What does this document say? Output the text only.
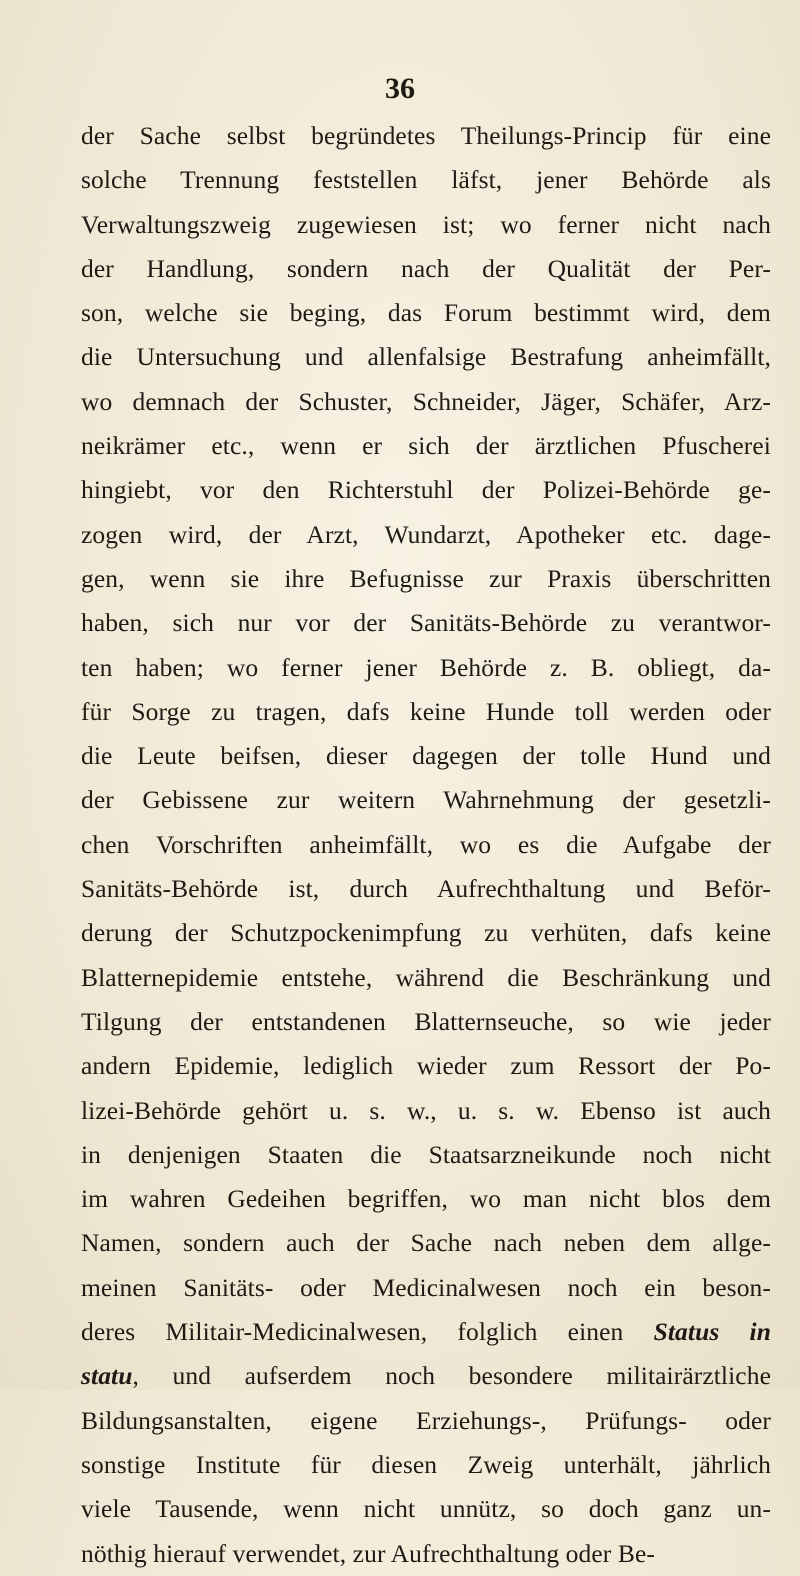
36
der Sache selbst begründetes Theilungs-Princip für eine
solche Trennung feststellen läfst, jener Behörde als
Verwaltungszweig zugewiesen ist; wo ferner nicht nach
der Handlung, sondern nach der Qualität der Per-
son, welche sie beging, das Forum bestimmt wird, dem
die Untersuchung und allenfalsige Bestrafung anheimfällt,
wo demnach der Schuster, Schneider, Jäger, Schäfer, Arz-
neikrämer etc., wenn er sich der ärztlichen Pfuscherei
hingiebt, vor den Richterstuhl der Polizei-Behörde ge-
zogen wird, der Arzt, Wundarzt, Apotheker etc. dage-
gen, wenn sie ihre Befugnisse zur Praxis überschritten
haben, sich nur vor der Sanitäts-Behörde zu verantwor-
ten haben; wo ferner jener Behörde z. B. obliegt, da-
für Sorge zu tragen, dafs keine Hunde toll werden oder
die Leute beifsen, dieser dagegen der tolle Hund und
der Gebissene zur weitern Wahrnehmung der gesetzli-
chen Vorschriften anheimfällt, wo es die Aufgabe der
Sanitäts-Behörde ist, durch Aufrechthaltung und Beför-
derung der Schutzpockenimpfung zu verhüten, dafs keine
Blatternepidemie entstehe, während die Beschränkung und
Tilgung der entstandenen Blatternseuche, so wie jeder
andern Epidemie, lediglich wieder zum Ressort der Po-
lizei-Behörde gehört u. s. w., u. s. w. Ebenso ist auch
in denjenigen Staaten die Staatsarzneikunde noch nicht
im wahren Gedeihen begriffen, wo man nicht blos dem
Namen, sondern auch der Sache nach neben dem allge-
meinen Sanitäts- oder Medicinalwesen noch ein beson-
deres Militair-Medicinalwesen, folglich einen Status in
statu, und aufserdem noch besondere militairärztliche
Bildungsanstalten, eigene Erziehungs-, Prüfungs- oder
sonstige Institute für diesen Zweig unterhält, jährlich
viele Tausende, wenn nicht unnütz, so doch ganz un-
nöthig hierauf verwendet, zur Aufrechthaltung oder Be-
